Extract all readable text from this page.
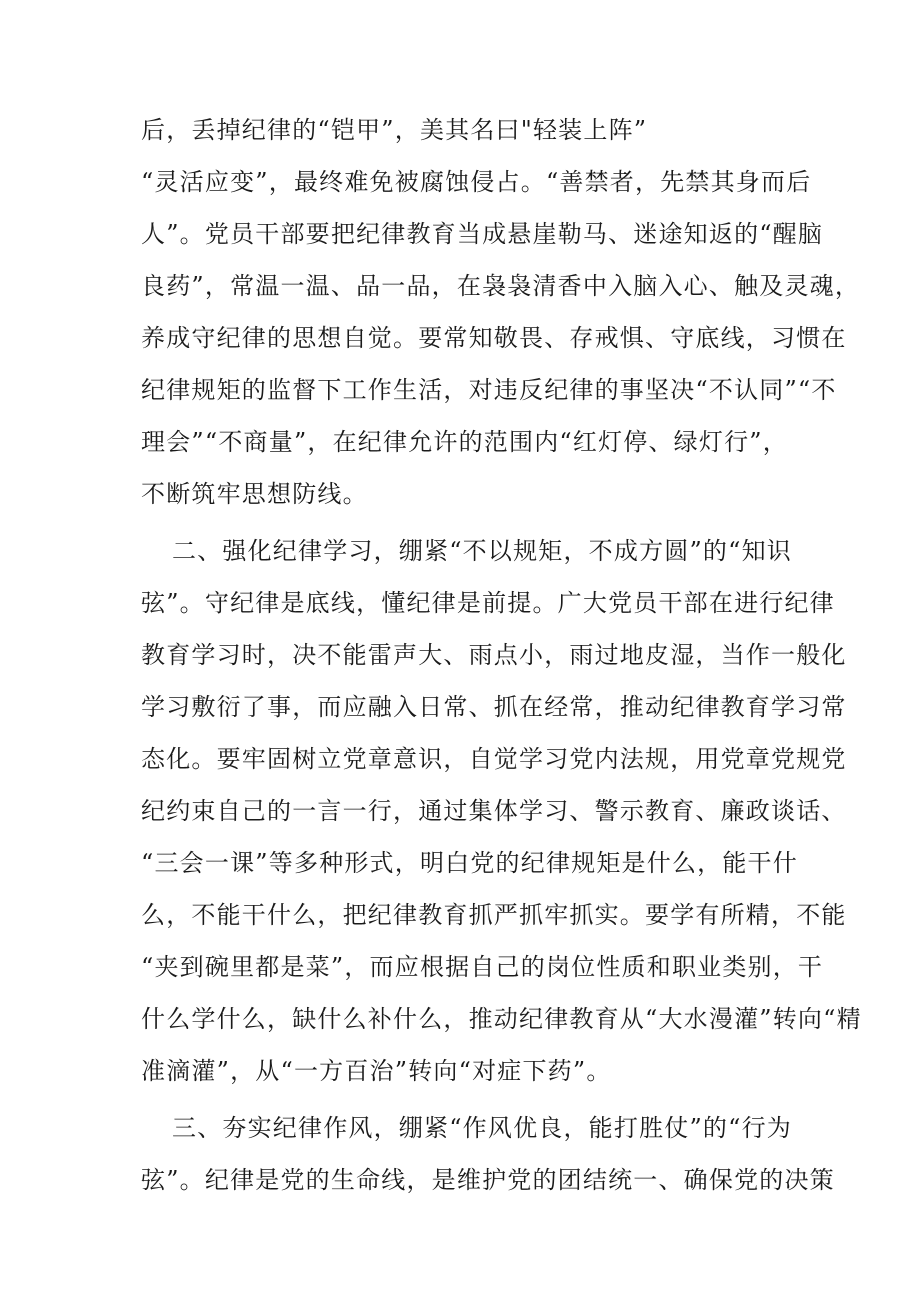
后，丢掉纪律的“铠甲”，美其名曰"轻装上阵”
“灵活应变”，最终难免被腐蚀侵占。“善禁者，先禁其身而后
人”。党员干部要把纪律教育当成悬崖勒马、迷途知返的“醒脑
良药”，常温一温、品一品，在袅袅清香中入脑入心、触及灵魂，
养成守纪律的思想自觉。要常知敬畏、存戒惧、守底线，习惯在
纪律规矩的监督下工作生活，对违反纪律的事坚决“不认同”“不
理会”“不商量”，在纪律允许的范围内“红灯停、绿灯行”，
不断筑牢思想防线。
二、强化纪律学习，绷紧“不以规矩，不成方圆”的“知识
弦”。守纪律是底线，懂纪律是前提。广大党员干部在进行纪律
教育学习时，决不能雷声大、雨点小，雨过地皮湿，当作一般化
学习敷衍了事，而应融入日常、抓在经常，推动纪律教育学习常
态化。要牢固树立党章意识，自觉学习党内法规，用党章党规党
纪约束自己的一言一行，通过集体学习、警示教育、廉政谈话、
“三会一课”等多种形式，明白党的纪律规矩是什么，能干什
么，不能干什么，把纪律教育抓严抓牢抓实。要学有所精，不能
“夹到碗里都是菜”，而应根据自己的岗位性质和职业类别，干
什么学什么，缺什么补什么，推动纪律教育从“大水漫灌”转向“精
准滴灌”，从“一方百治”转向“对症下药”。
三、夯实纪律作风，绷紧“作风优良，能打胜仗”的“行为
弦”。纪律是党的生命线，是维护党的团结统一、确保党的决策
